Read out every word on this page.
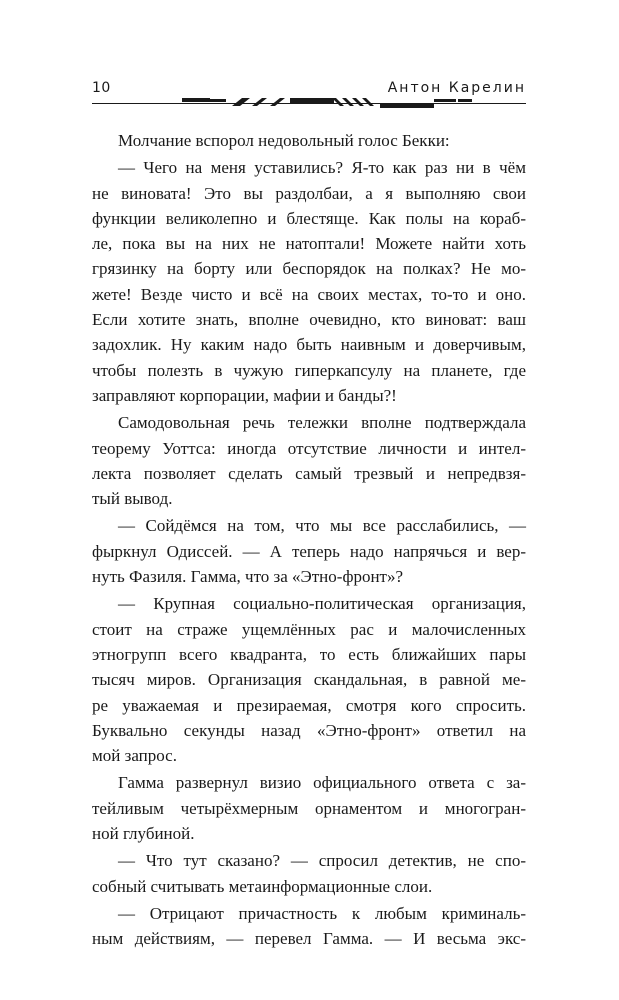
10	Антон Карелин
Молчание вспорол недовольный голос Бекки:
— Чего на меня уставились? Я-то как раз ни в чём
не виновата! Это вы раздолбаи, а я выполняю свои
функции великолепно и блестяще. Как полы на кораб-
ле, пока вы на них не натоптали! Можете найти хоть
грязинку на борту или беспорядок на полках? Не мо-
жете! Везде чисто и всё на своих местах, то-то и оно.
Если хотите знать, вполне очевидно, кто виноват: ваш
задохлик. Ну каким надо быть наивным и доверчивым,
чтобы полезть в чужую гиперкапсулу на планете, где
заправляют корпорации, мафии и банды?!
Самодовольная речь тележки вполне подтверждала
теорему Уоттса: иногда отсутствие личности и интел-
лекта позволяет сделать самый трезвый и непредвзя-
тый вывод.
— Сойдёмся на том, что мы все расслабились, —
фыркнул Одиссей. — А теперь надо напрячься и вер-
нуть Фазиля. Гамма, что за «Этно-фронт»?
— Крупная социально-политическая организация,
стоит на страже ущемлённых рас и малочисленных
этногрупп всего квадранта, то есть ближайших пары
тысяч миров. Организация скандальная, в равной ме-
ре уважаемая и презираемая, смотря кого спросить.
Буквально секунды назад «Этно-фронт» ответил на
мой запрос.
Гамма развернул визио официального ответа с за-
тейливым четырёхмерным орнаментом и многогран-
ной глубиной.
— Что тут сказано? — спросил детектив, не спо-
собный считывать метаинформационные слои.
— Отрицают причастность к любым криминаль-
ным действиям, — перевел Гамма. — И весьма экс-
